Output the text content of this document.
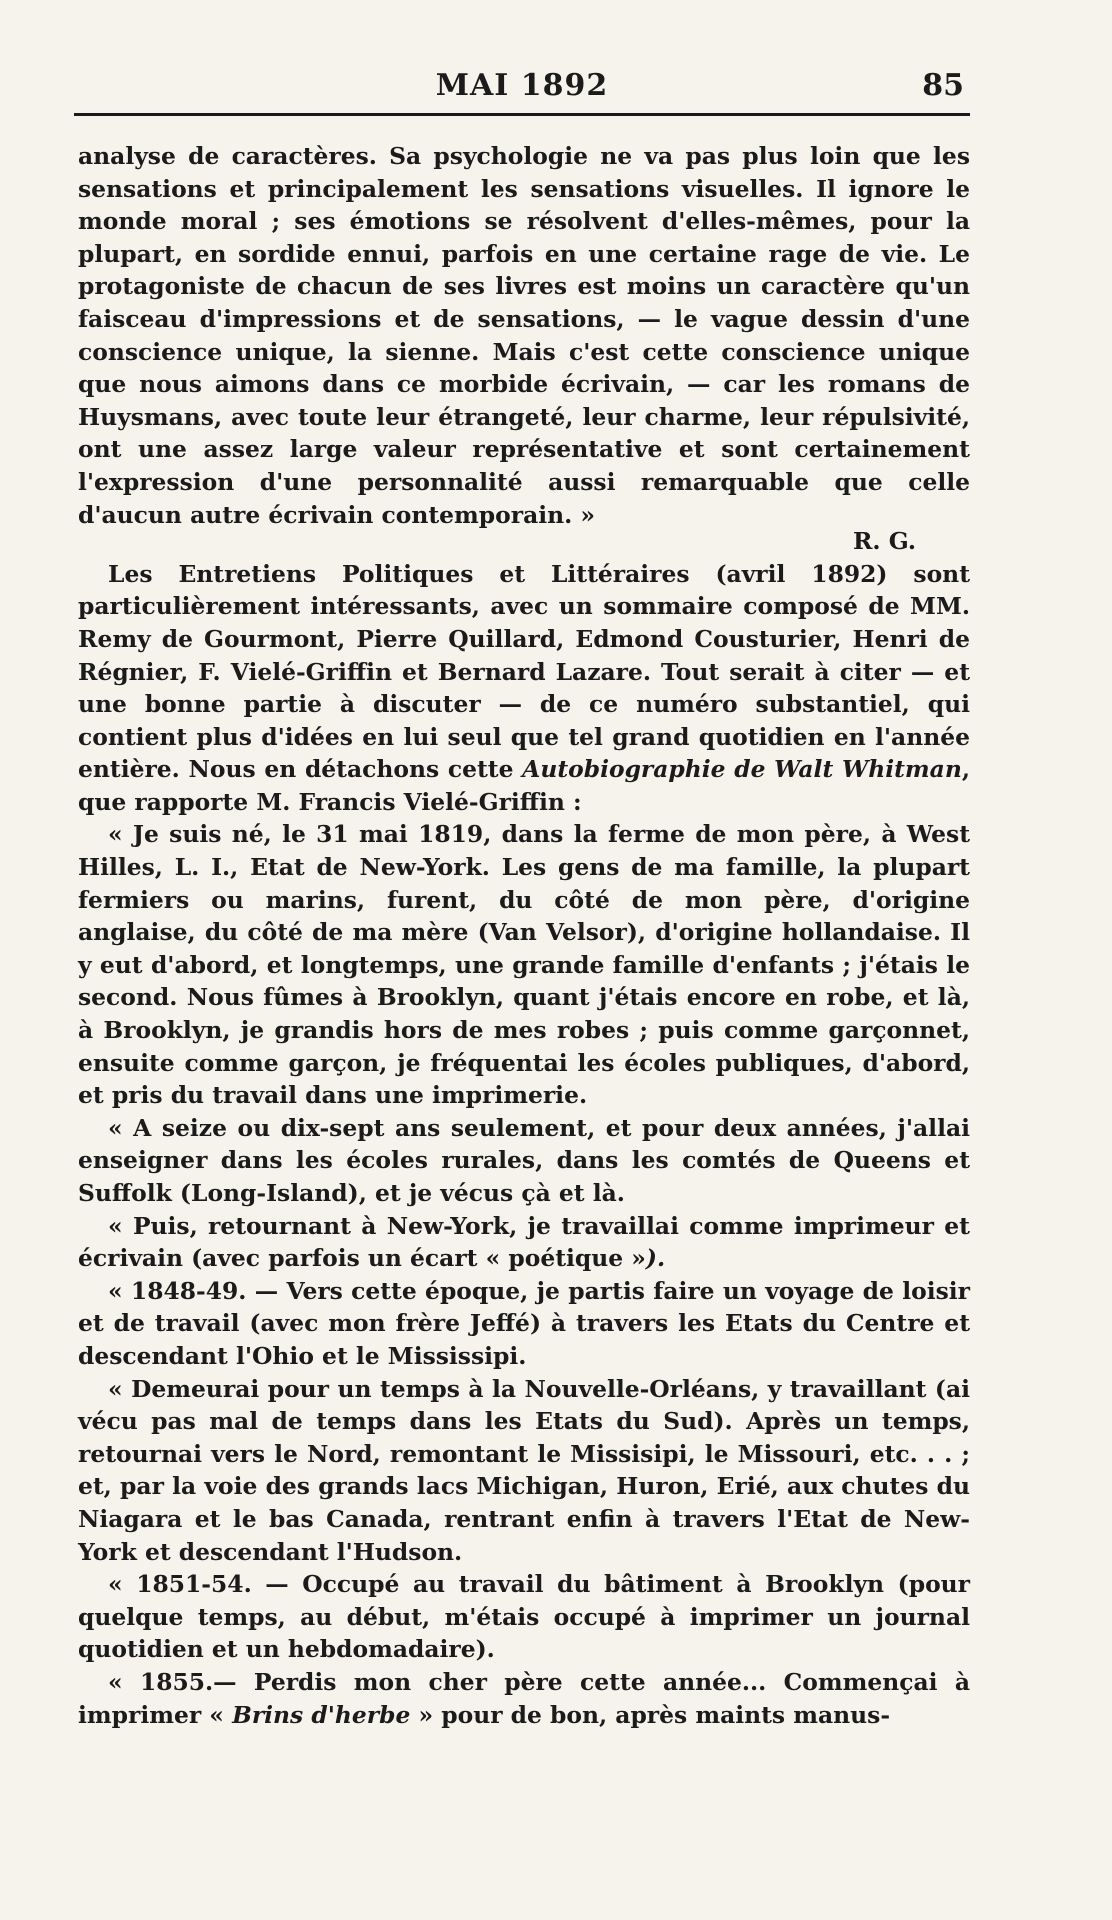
MAI 1892	85

analyse de caractères. Sa psychologie ne va pas plus loin que les sensations et principalement les sensations visuelles. Il ignore le monde moral ; ses émotions se résolvent d'elles-mêmes, pour la plupart, en sordide ennui, parfois en une certaine rage de vie. Le protagoniste de chacun de ses livres est moins un caractère qu'un faisceau d'impressions et de sensations, — le vague dessin d'une conscience unique, la sienne. Mais c'est cette conscience unique que nous aimons dans ce morbide écrivain, — car les romans de Huysmans, avec toute leur étrangeté, leur charme, leur répulsivité, ont une assez large valeur représentative et sont certainement l'expression d'une personnalité aussi remarquable que celle d'aucun autre écrivain contemporain. »

R. G.

Les Entretiens Politiques et Littéraires (avril 1892) sont particulièrement intéressants, avec un sommaire composé de MM. Remy de Gourmont, Pierre Quillard, Edmond Cousturier, Henri de Régnier, F. Vielé-Griffin et Bernard Lazare. Tout serait à citer — et une bonne partie à discuter — de ce numéro substantiel, qui contient plus d'idées en lui seul que tel grand quotidien en l'année entière. Nous en détachons cette Autobiographie de Walt Whitman, que rapporte M. Francis Vielé-Griffin :

« Je suis né, le 31 mai 1819, dans la ferme de mon père, à West Hilles, L. I., Etat de New-York. Les gens de ma famille, la plupart fermiers ou marins, furent, du côté de mon père, d'origine anglaise, du côté de ma mère (Van Velsor), d'origine hollandaise. Il y eut d'abord, et longtemps, une grande famille d'enfants ; j'étais le second. Nous fûmes à Brooklyn, quant j'étais encore en robe, et là, à Brooklyn, je grandis hors de mes robes ; puis comme garçonnet, ensuite comme garçon, je fréquentai les écoles publiques, d'abord, et pris du travail dans une imprimerie.

« A seize ou dix-sept ans seulement, et pour deux années, j'allai enseigner dans les écoles rurales, dans les comtés de Queens et Suffolk (Long-Island), et je vécus çà et là.

« Puis, retournant à New-York, je travaillai comme imprimeur et écrivain (avec parfois un écart « poétique »).

« 1848-49. — Vers cette époque, je partis faire un voyage de loisir et de travail (avec mon frère Jeffé) à travers les Etats du Centre et descendant l'Ohio et le Mississipi.

« Demeurai pour un temps à la Nouvelle-Orléans, y travaillant (ai vécu pas mal de temps dans les Etats du Sud). Après un temps, retournai vers le Nord, remontant le Missisipi, le Missouri, etc. . . ; et, par la voie des grands lacs Michigan, Huron, Erié, aux chutes du Niagara et le bas Canada, rentrant enfin à travers l'Etat de New-York et descendant l'Hudson.

« 1851-54. — Occupé au travail du bâtiment à Brooklyn (pour quelque temps, au début, m'étais occupé à imprimer un journal quotidien et un hebdomadaire).

« 1855.— Perdis mon cher père cette année... Commençai à imprimer « Brins d'herbe » pour de bon, après maints manus-
